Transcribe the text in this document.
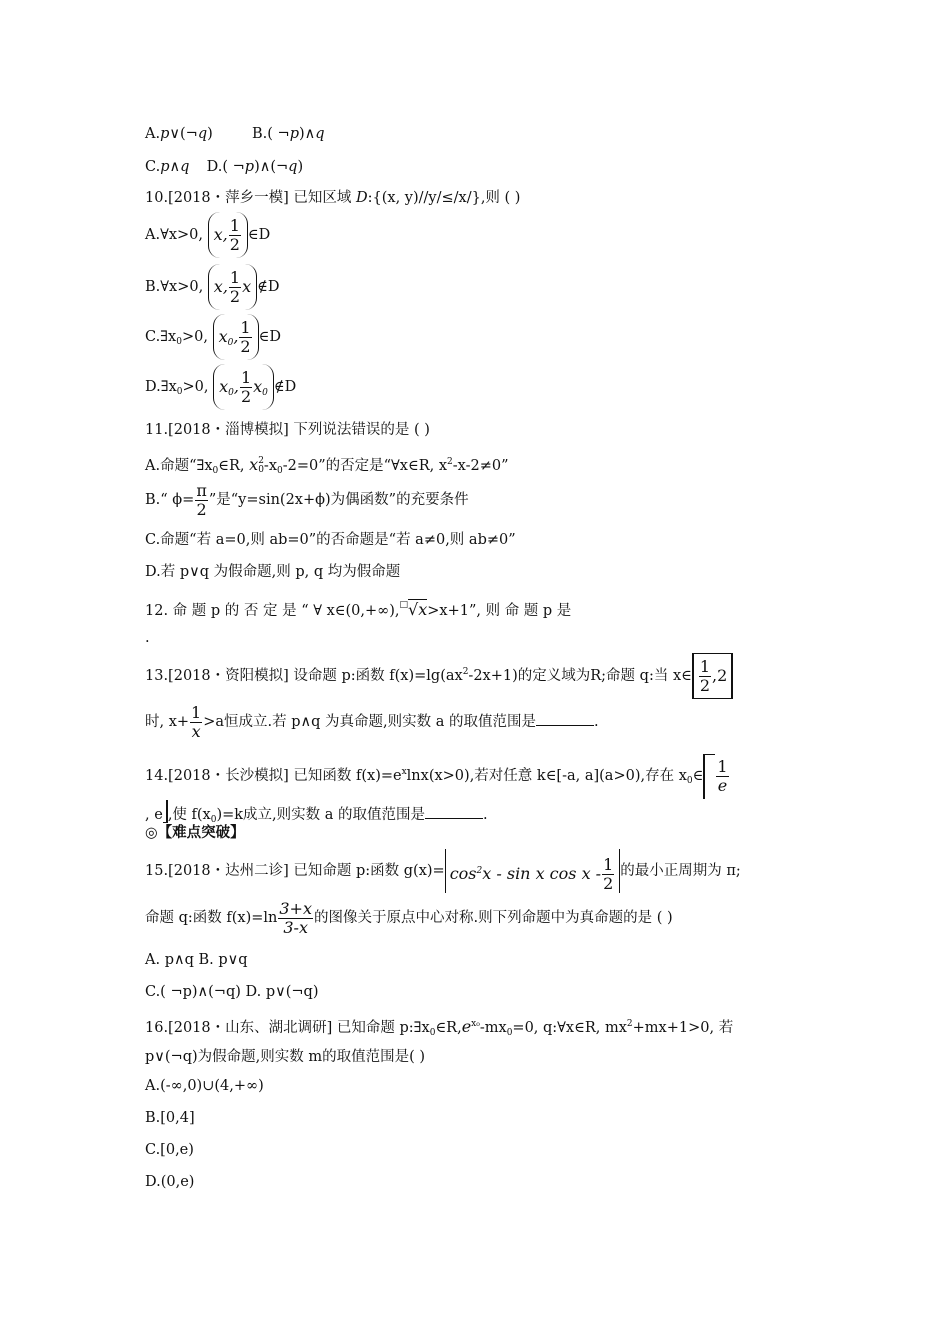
A.p∨(¬q)	B.( ¬p)∧q
C.p∧q D.( ¬p)∧(¬q)
10.[2018・萍乡一模] 已知区域 D:{(x, y)//y/≤/x/},则 ( )
A.∀x>0, x, $\frac{1}{2}$ ∈D
B.∀x>0, x, $\frac{1}{2}$ x ∉D
$C.\exists x_0>0$, $x_0$, $\frac{1}{2}$ ∈D
$D.\exists x_0>0$, $x_0$, $\frac{1}{2} x_0$ ∉D
11.[2018・淄博模拟] 下列说法错误的是 ( )
A.命题“$\exists x_0\in R$, x 2
0 $-x_0-2=0$”的否定是“∀x∈R, $x^2-x-2\ne 0$”
B.“ $\phi= \frac{\pi}{2}$ ”是“y=sin(2x+ϕ)为偶函数”的充要条件
C.命题“若 a=0,则 ab=0”的否命题是“若 a≠0,则 ab≠0”
D.若 p∨q 为假命题,则 p, q 均为假命题
12. 命 题 p 的 否 定 是 “ ∀ x∈(0,+∞),□√x>x+1”, 则 命 题 p 是
.
13.[2018・资阳模拟] 设命题 p:函数 $f(x)=\lg(ax^2-2x+1)$的定义域为R;命题 q:当 x∈ $\frac{1}{2} ,2$
时, $x+ \frac{1}{x} >a$恒成立.若 p∧q 为真命题,则实数 a 的取值范围是	.
14.[2018・长沙模拟] 已知函数 $f(x)=e^x\ln x(x>0)$,若对任意 k∈[-a, a](a>0),存在 $x_0\in \frac{1}{e}$
, e ,使 $f(x_0)=k$成立,则实数 a 的取值范围是	.
◎【难点突破】
15.[2018・达州二诊] 已知命题 p:函数 $g(x)= \cos^2x - \sin x$ cos x - $\frac{1}{2}$ 的最小正周期为 π;
命题 q:函数 $f(x)=\ln \frac{3+x}{3-x}$ 的图像关于原点中心对称.则下列命题中为真命题的是 ( )
A. p∧q B. p∨q
C.( ¬p)∧(¬q) D. p∨(¬q)
16.[2018・山东、湖北调研] 已知命题 $p:\exists x_0\in R,e^{x_0}-mx_0=0$, q:∀x∈R, $mx^2+mx+1>0$, 若
p∨(¬q)为假命题,则实数 m的取值范围是( )
A.(-∞,0)∪(4,+∞)
B.[0,4]
C.[0,e)
D.(0,e)
